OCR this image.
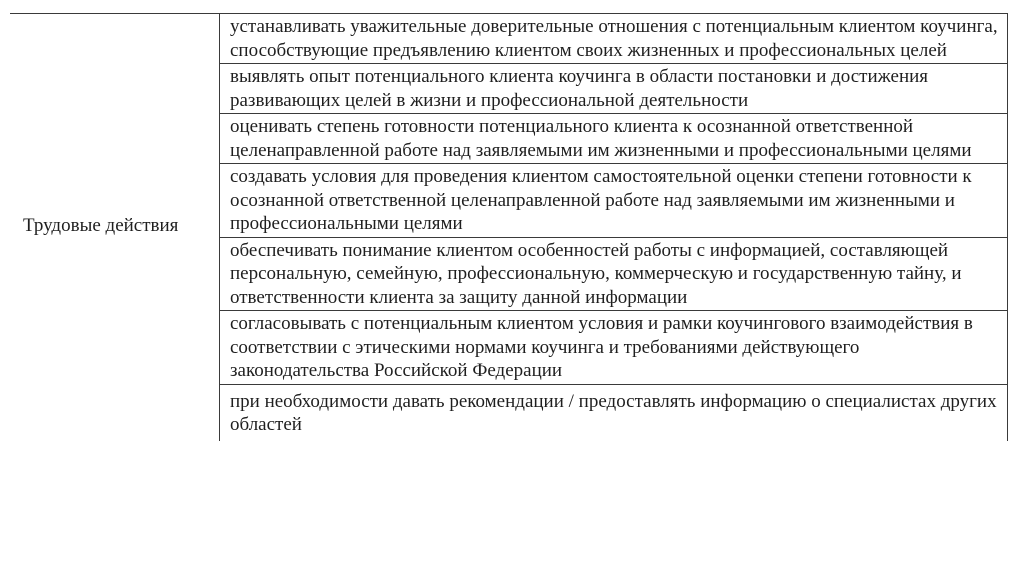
Трудовые действия
	устанавливать уважительные доверительные отношения с потенциальным клиентом коучинга, способствующие предъявлению клиентом своих жизненных и профессиональных целей
выявлять опыт потенциального клиента коучинга в области постановки и достижения развивающих целей в жизни и профессиональной деятельности
оценивать степень готовности потенциального клиента к осознанной ответственной целенаправленной работе над заявляемыми им жизненными и профессиональными целями
создавать условия для проведения клиентом самостоятельной оценки степени готовности к осознанной ответственной целенаправленной работе над заявляемыми им жизненными и профессиональными целями
обеспечивать понимание клиентом особенностей работы с информацией, составляющей персональную, семейную, профессиональную, коммерческую и государственную тайну, и ответственности клиента за защиту данной информации
согласовывать с потенциальным клиентом условия и рамки коучингового взаимодействия в соответствии с этическими нормами коучинга и требованиями действующего законодательства Российской Федерации
при необходимости давать рекомендации / предоставлять информацию о специалистах других областей
